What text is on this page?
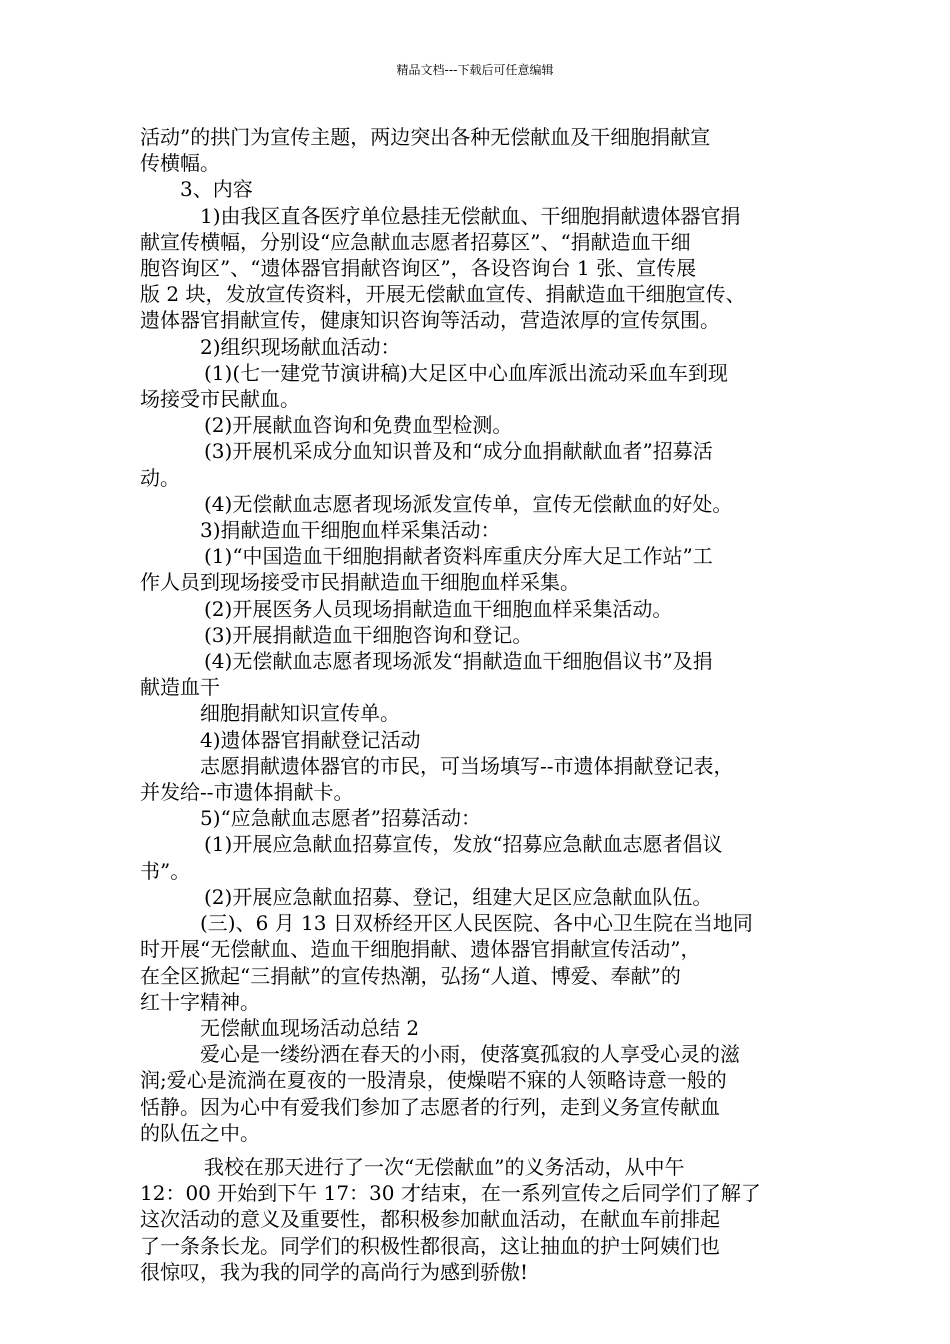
精品文档---下载后可任意编辑

活动”的拱门为宣传主题，两边突出各种无偿献血及干细胞捐献宣
传横幅。

3、内容

1)由我区直各医疗单位悬挂无偿献血、干细胞捐献遗体器官捐

献宣传横幅，分别设“应急献血志愿者招募区”、“捐献造血干细
胞咨询区”、“遗体器官捐献咨询区”，各设咨询台 1 张、宣传展
版 2 块，发放宣传资料，开展无偿献血宣传、捐献造血干细胞宣传、
遗体器官捐献宣传，健康知识咨询等活动，营造浓厚的宣传氛围。

2)组织现场献血活动：

(1)(七一建党节演讲稿)大足区中心血库派出流动采血车到现

场接受市民献血。

(2)开展献血咨询和免费血型检测。

(3)开展机采成分血知识普及和“成分血捐献献血者”招募活

动。

(4)无偿献血志愿者现场派发宣传单，宣传无偿献血的好处。

3)捐献造血干细胞血样采集活动：

(1)“中国造血干细胞捐献者资料库重庆分库大足工作站”工

作人员到现场接受市民捐献造血干细胞血样采集。

(2)开展医务人员现场捐献造血干细胞血样采集活动。

(3)开展捐献造血干细胞咨询和登记。

(4)无偿献血志愿者现场派发“捐献造血干细胞倡议书”及捐

献造血干

细胞捐献知识宣传单。

4)遗体器官捐献登记活动

志愿捐献遗体器官的市民，可当场填写--市遗体捐献登记表，

并发给--市遗体捐献卡。

5)“应急献血志愿者”招募活动：

(1)开展应急献血招募宣传，发放“招募应急献血志愿者倡议

书”。

(2)开展应急献血招募、登记，组建大足区应急献血队伍。

(三)、6 月 13 日双桥经开区人民医院、各中心卫生院在当地同

时开展“无偿献血、造血干细胞捐献、遗体器官捐献宣传活动”，
在全区掀起“三捐献”的宣传热潮，弘扬“人道、博爱、奉献”的
红十字精神。

无偿献血现场活动总结 2

爱心是一缕纷洒在春天的小雨，使落寞孤寂的人享受心灵的滋

润;爱心是流淌在夏夜的一股清泉，使燥啱不寐的人领略诗意一般的
恬静。因为心中有爱我们参加了志愿者的行列，走到义务宣传献血
的队伍之中。

我校在那天进行了一次“无偿献血”的义务活动，从中午

12：00 开始到下午 17：30 才结束，在一系列宣传之后同学们了解了
这次活动的意义及重要性，都积极参加献血活动，在献血车前排起
了一条条长龙。同学们的积极性都很高，这让抽血的护士阿姨们也
很惊叹，我为我的同学的高尚行为感到骄傲!
